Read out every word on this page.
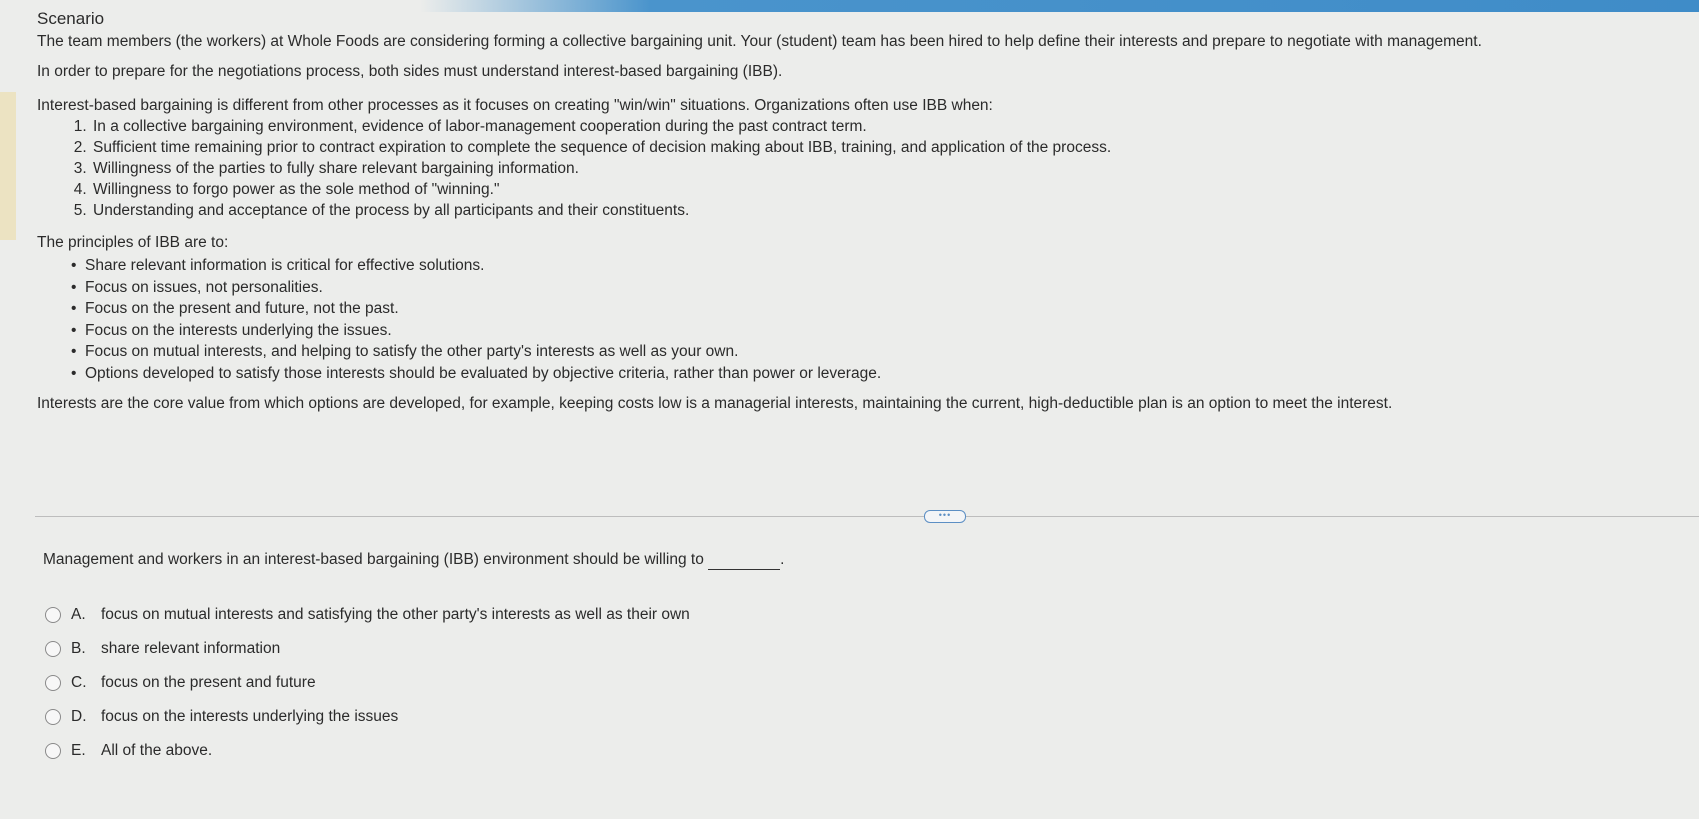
Scenario

The team members (the workers) at Whole Foods are considering forming a collective bargaining unit. Your (student) team has been hired to help define their interests and prepare to negotiate with management.

In order to prepare for the negotiations process, both sides must understand interest-based bargaining (IBB).

Interest-based bargaining is different from other processes as it focuses on creating "win/win" situations. Organizations often use IBB when:

1. In a collective bargaining environment, evidence of labor-management cooperation during the past contract term.
2. Sufficient time remaining prior to contract expiration to complete the sequence of decision making about IBB, training, and application of the process.
3. Willingness of the parties to fully share relevant bargaining information.
4. Willingness to forgo power as the sole method of "winning."
5. Understanding and acceptance of the process by all participants and their constituents.

The principles of IBB are to:

• Share relevant information is critical for effective solutions.
• Focus on issues, not personalities.
• Focus on the present and future, not the past.
• Focus on the interests underlying the issues.
• Focus on mutual interests, and helping to satisfy the other party's interests as well as your own.
• Options developed to satisfy those interests should be evaluated by objective criteria, rather than power or leverage.

Interests are the core value from which options are developed, for example, keeping costs low is a managerial interests, maintaining the current, high-deductible plan is an option to meet the interest.

•••
Management and workers in an interest-based bargaining (IBB) environment should be willing to	.
A. focus on mutual interests and satisfying the other party's interests as well as their own
B. share relevant information
C. focus on the present and future
D. focus on the interests underlying the issues
E. All of the above.
